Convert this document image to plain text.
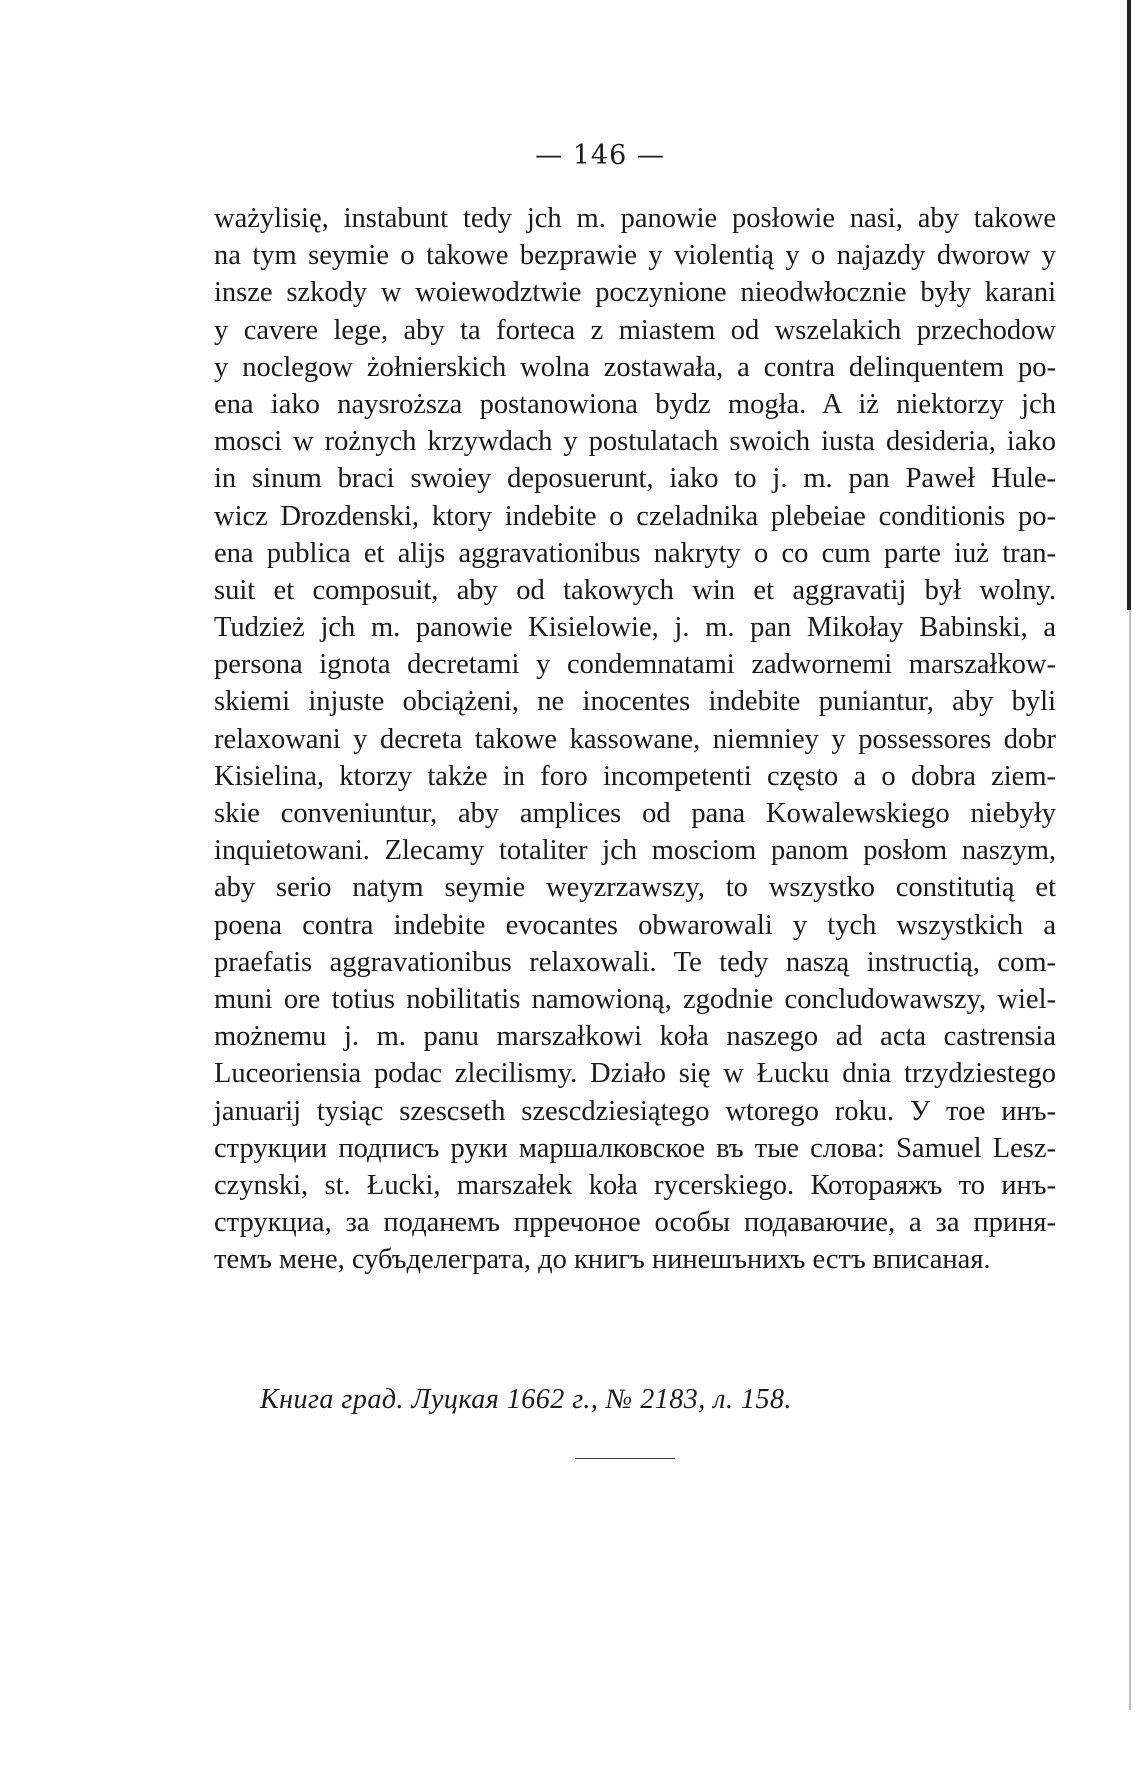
— 146 —
ważylisię, instabunt tedy jch m. panowie posłowie nasi, aby takowe
na tym seymie o takowe bezprawie y violentią y o najazdy dworow y
insze szkody w woiewodztwie poczynione nieodwłocznie były karani
y cavere lege, aby ta forteca z miastem od wszelakich przechodow
y noclegow żołnierskich wolna zostawała, a contra delinquentem po-
ena iako naysroższa postanowiona bydz mogła. A iż niektorzy jch
mosci w rożnych krzywdach y postulatach swoich iusta desideria, iako
in sinum braci swoiey deposuerunt, iako to j. m. pan Paweł Hule-
wicz Drozdenski, ktory indebite o czeladnika plebeiae conditionis po-
ena publica et alijs aggravationibus nakryty o co cum parte iuż tran-
suit et composuit, aby od takowych win et aggravatij był wolny.
Tudzież jch m. panowie Kisielowie, j. m. pan Mikołay Babinski, a
persona ignota decretami y condemnatami zadwornemi marszałkow-
skiemi injuste obciążeni, ne inocentes indebite puniantur, aby byli
relaxowani y decreta takowe kassowane, niemniey y possessores dobr
Kisielina, ktorzy także in foro incompetenti często a o dobra ziem-
skie conveniuntur, aby amplices od pana Kowalewskiego niebyły
inquietowani. Zlecamy totaliter jch mosciom panom posłom naszym,
aby serio natym seymie weyzrzawszy, to wszystko constitutią et
poena contra indebite evocantes obwarowali y tych wszystkich a
praefatis aggravationibus relaxowali. Te tedy naszą instructią, com-
muni ore totius nobilitatis namowioną, zgodnie concludowawszy, wiel-
możnemu j. m. panu marszałkowi koła naszego ad acta castrensia
Luceoriensia podac zlecilismy. Działo się w Łucku dnia trzydziestego
januarij tysiąc szescseth szescdziesiątego wtorego roku. У тое инъ-
струкции подписъ руки маршалковское въ тые слова: Samuel Lesz-
czynski, st. Łucki, marszałek koła rycerskiego. Котораяжъ то инъ-
струкциа, за поданемъ прречоное особы подаваючие, а за приня-
темъ мене, субъделеграта, до книгъ нинешънихъ естъ вписаная.
Книга град. Луцкая 1662 г., № 2183, л. 158.
